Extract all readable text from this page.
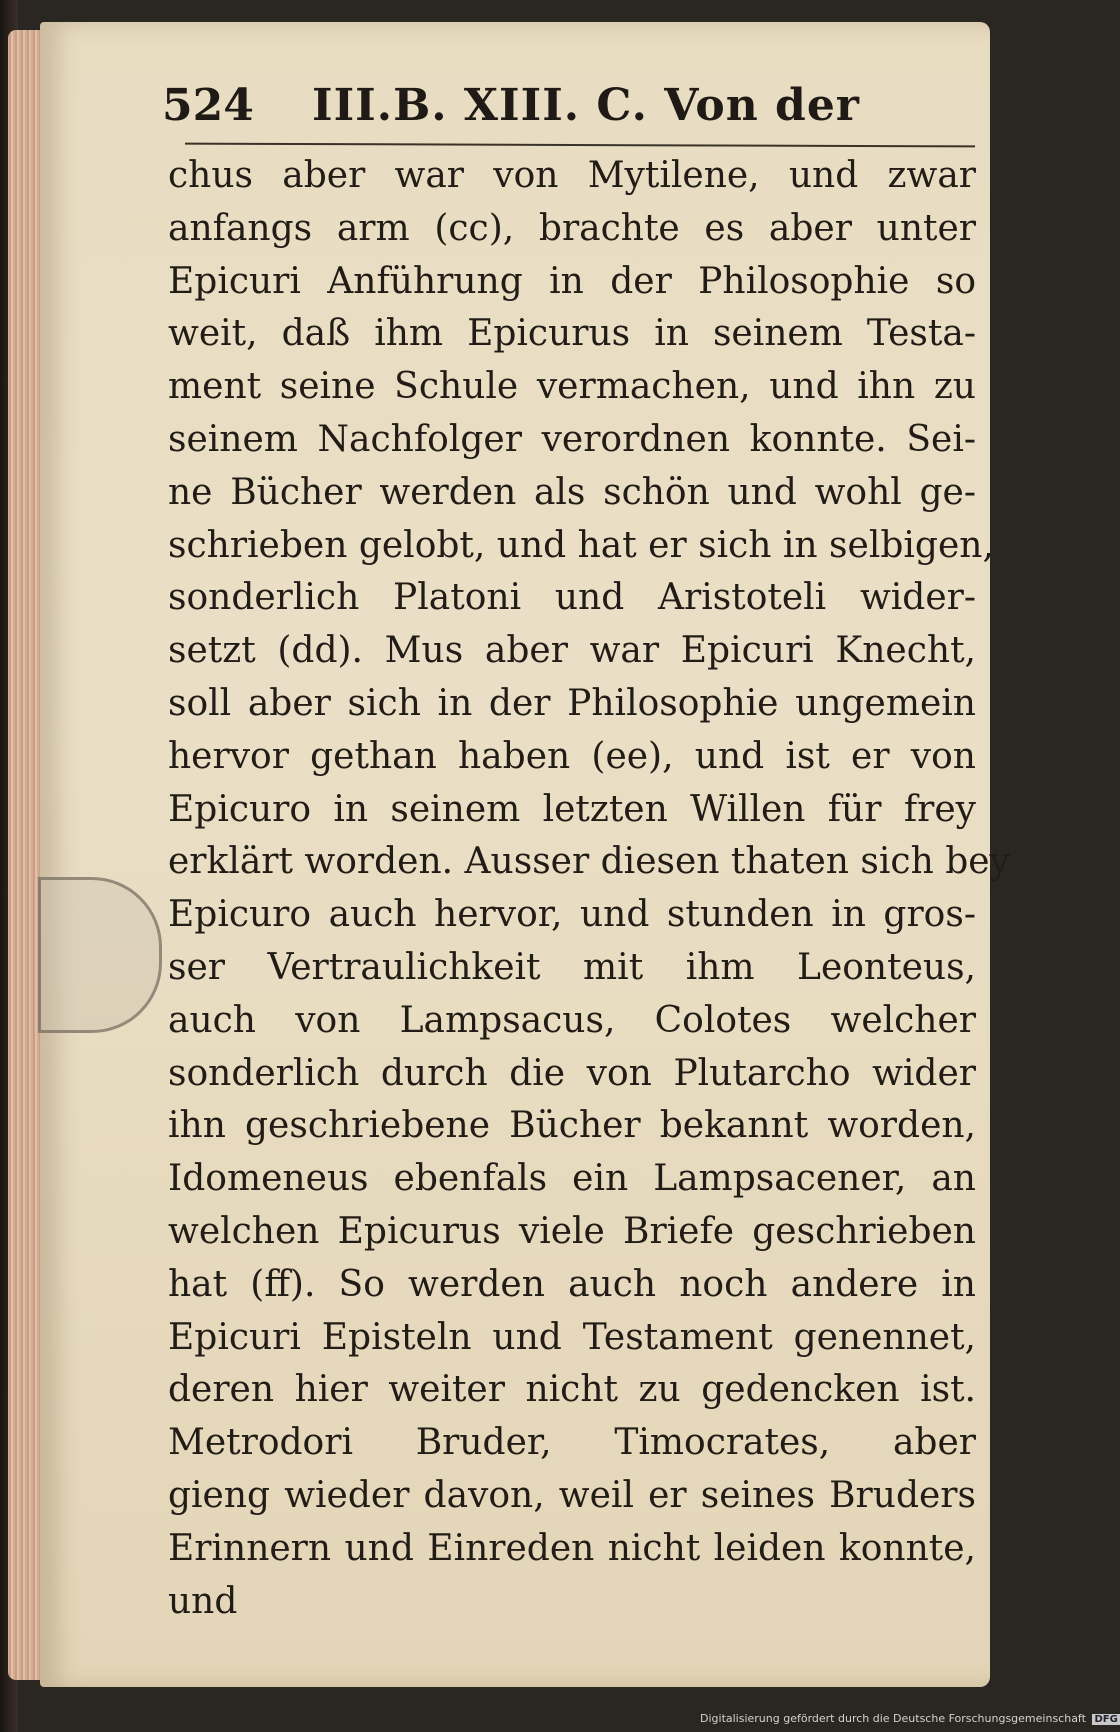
524 III.B. XIII. C. Von der
chus aber war von Mytilene, und zwar
anfangs arm (cc), brachte es aber unter
Epicuri Anführung in der Philosophie so
weit, daß ihm Epicurus in seinem Testa-
ment seine Schule vermachen, und ihn zu
seinem Nachfolger verordnen konnte. Sei-
ne Bücher werden als schön und wohl ge-
schrieben gelobt, und hat er sich in selbigen,
sonderlich Platoni und Aristoteli wider-
setzt (dd). Mus aber war Epicuri Knecht,
soll aber sich in der Philosophie ungemein
hervor gethan haben (ee), und ist er von
Epicuro in seinem letzten Willen für frey
erklärt worden. Ausser diesen thaten sich bey
Epicuro auch hervor, und stunden in gros-
ser Vertraulichkeit mit ihm Leonteus,
auch von Lampsacus, Colotes welcher
sonderlich durch die von Plutarcho wider
ihn geschriebene Bücher bekannt worden,
Idomeneus ebenfals ein Lampsacener, an
welchen Epicurus viele Briefe geschrieben
hat (ff). So werden auch noch andere in
Epicuri Episteln und Testament genennet,
deren hier weiter nicht zu gedencken ist.
Metrodori Bruder, Timocrates, aber
gieng wieder davon, weil er seines Bruders
Erinnern und Einreden nicht leiden konnte,
und
Digitalisierung gefördert durch die Deutsche Forschungsgemeinschaft DFG
